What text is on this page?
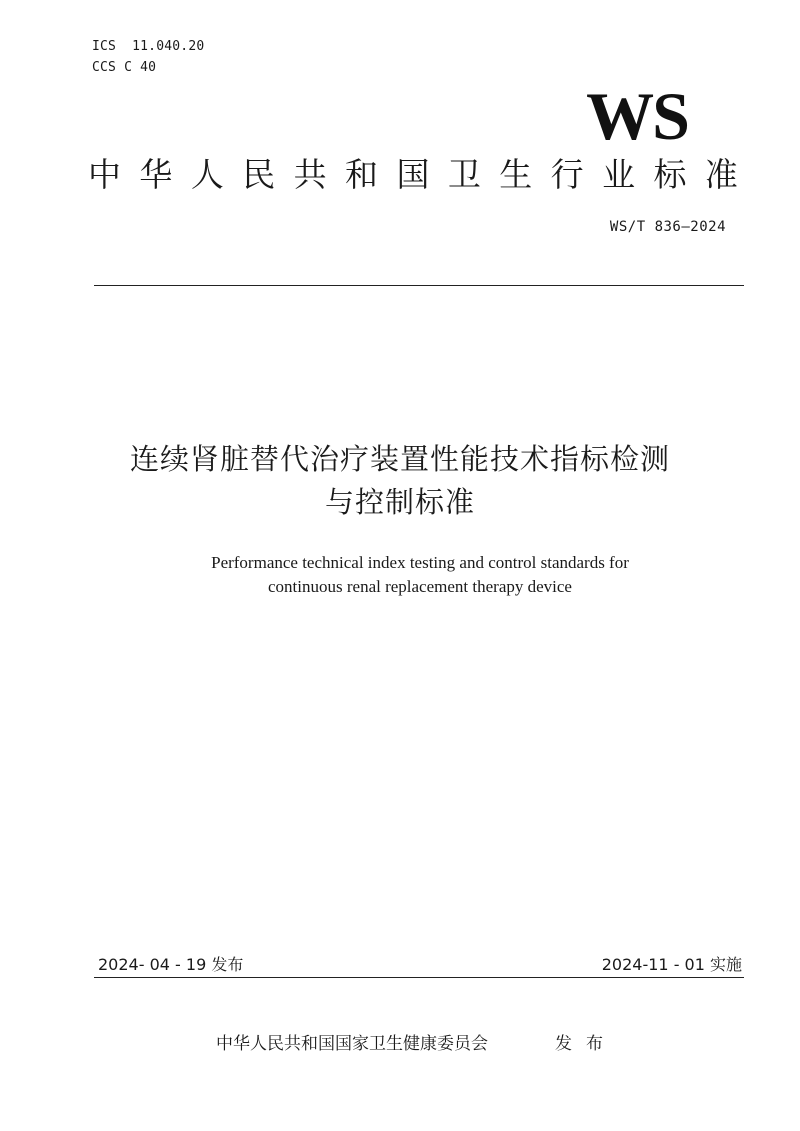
ICS  11.040.20
CCS C 40
WS
中 华 人 民 共 和 国 卫 生 行 业 标 准
WS/T 836—2024
连续肾脏替代治疗装置性能技术指标检测
与控制标准
Performance technical index testing and control standards for
continuous renal replacement therapy device
2024- 04 - 19 发布	2024-11 - 01 实施
中华人民共和国国家卫生健康委员会	发布
